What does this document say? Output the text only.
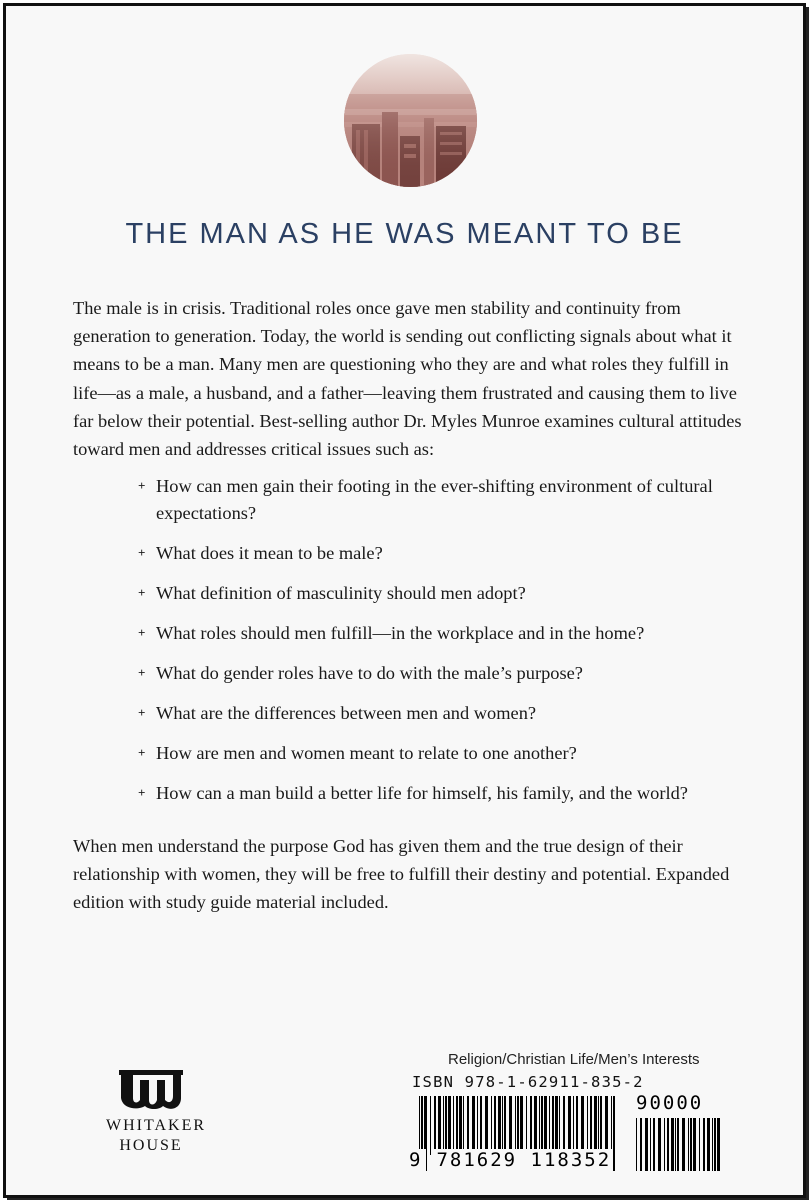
THE MAN AS HE WAS MEANT TO BE

The male is in crisis. Traditional roles once gave men stability and continuity from generation to generation. Today, the world is sending out conflicting signals about what it means to be a man. Many men are questioning who they are and what roles they fulfill in life—as a male, a husband, and a father—leaving them frustrated and causing them to live far below their potential. Best-selling author Dr. Myles Munroe examines cultural attitudes toward men and addresses critical issues such as:

+ How can men gain their footing in the ever-shifting environment of cultural expectations?
+ What does it mean to be male?
+ What definition of masculinity should men adopt?
+ What roles should men fulfill—in the workplace and in the home?
+ What do gender roles have to do with the male’s purpose?
+ What are the differences between men and women?
+ How are men and women meant to relate to one another?
+ How can a man build a better life for himself, his family, and the world?

When men understand the purpose God has given them and the true design of their relationship with women, they will be free to fulfill their destiny and potential. Expanded edition with study guide material included.

WHITAKER
HOUSE
Religion/Christian Life/Men’s Interests
ISBN 978-1-62911-835-2
9 781629 118352
90000
